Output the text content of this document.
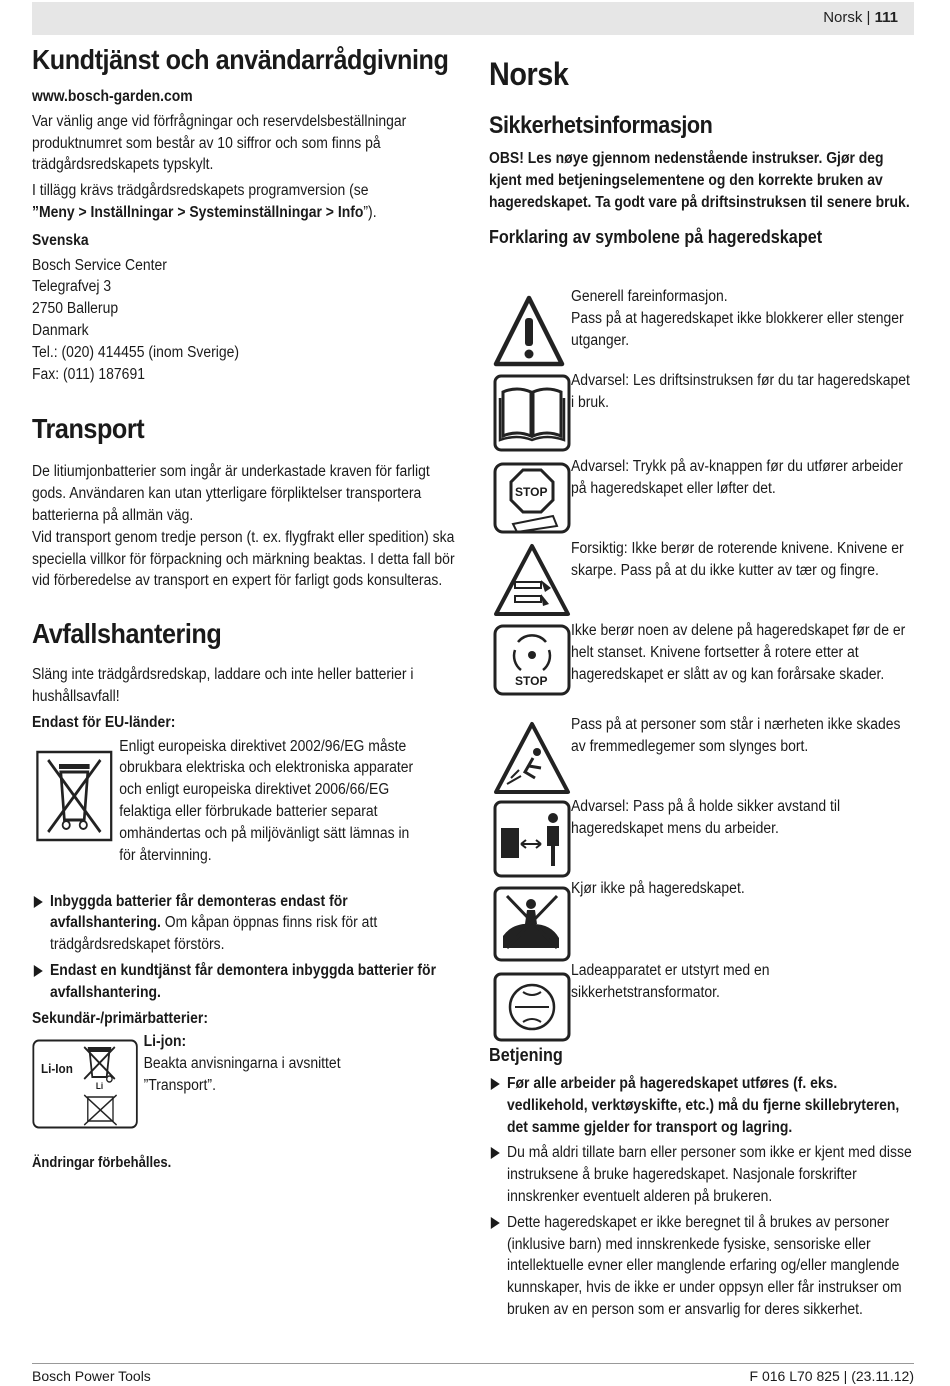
Norsk | 111
Kundtjänst och användarrådgivning

www.bosch-garden.com

Var vänlig ange vid förfrågningar och reservdelsbeställningar produktnumret som består av 10 siffror och som finns på trädgårdsredskapets typskylt.

I tillägg krävs trädgårdsredskapets programversion (se
”Meny > Inställningar > Systeminställningar > Info”).

Svenska

Bosch Service Center

Telegrafvej 3

2750 Ballerup

Danmark

Tel.: (020) 414455 (inom Sverige)

Fax: (011) 187691

Transport

De litiumjonbatterier som ingår är underkastade kraven för farligt gods. Användaren kan utan ytterligare förpliktelser transportera batterierna på allmän väg.

Vid transport genom tredje person (t. ex. flygfrakt eller spedition) ska speciella villkor för förpackning och märkning beaktas. I detta fall bör vid förberedelse av transport en expert för farligt gods konsulteras.

Avfallshantering

Släng inte trädgårdsredskap, laddare och inte heller batterier i hushållsavfall!

Endast för EU-länder:

Enligt europeiska direktivet 2002/96/EG måste obrukbara elektriska och elektroniska apparater och enligt europeiska direktivet 2006/66/EG felaktiga eller förbrukade batterier separat omhändertas och på miljövänligt sätt lämnas in för återvinning.

Inbyggda batterier får demonteras endast för avfallshantering. Om kåpan öppnas finns risk för att trädgårdsredskapet förstörs.
Endast en kundtjänst får demontera inbyggda batterier för avfallshantering.

Sekundär-/primärbatterier:

Li-Ion
Li

Li-jon:

Beakta anvisningarna i avsnittet ”Transport”.

Ändringar förbehålles.

Norsk
Sikkerhetsinformasjon

OBS! Les nøye gjennom nedenstående instrukser. Gjør deg kjent med betjeningselementene og den korrekte bruken av hageredskapet. Ta godt vare på driftsinstruksen til senere bruk.

Forklaring av symbolene på hageredskapet

Generell fareinformasjon.

Pass på at hageredskapet ikke blokkerer eller stenger utganger.

Advarsel: Les driftsinstruksen før du tar hageredskapet i bruk.

STOP

Advarsel: Trykk på av-knappen før du utfører arbeider på hageredskapet eller løfter det.

Forsiktig: Ikke berør de roterende knivene. Knivene er skarpe. Pass på at du ikke kutter av tær og fingre.

STOP

Ikke berør noen av delene på hageredskapet før de er helt stanset. Knivene fortsetter å rotere etter at hageredskapet er slått av og kan forårsake skader.

Pass på at personer som står i nærheten ikke skades av fremmedlegemer som slynges bort.

Advarsel: Pass på å holde sikker avstand til hageredskapet mens du arbeider.

Kjør ikke på hageredskapet.

Ladeapparatet er utstyrt med en sikkerhetstransformator.

Betjening
Før alle arbeider på hageredskapet utføres (f. eks. vedlikehold, verktøyskifte, etc.) må du fjerne skillebryteren, det samme gjelder for transport og lagring.
Du må aldri tillate barn eller personer som ikke er kjent med disse instruksene å bruke hageredskapet. Nasjonale forskrifter innskrenker eventuelt alderen på brukeren.
Dette hageredskapet er ikke beregnet til å brukes av personer (inklusive barn) med innskrenkede fysiske, sensoriske eller intellektuelle evner eller manglende erfaring og/eller manglende kunnskaper, hvis de ikke er under oppsyn eller får instrukser om bruken av en person som er ansvarlig for deres sikkerhet.
Bosch Power Tools	F 016 L70 825 | (23.11.12)
